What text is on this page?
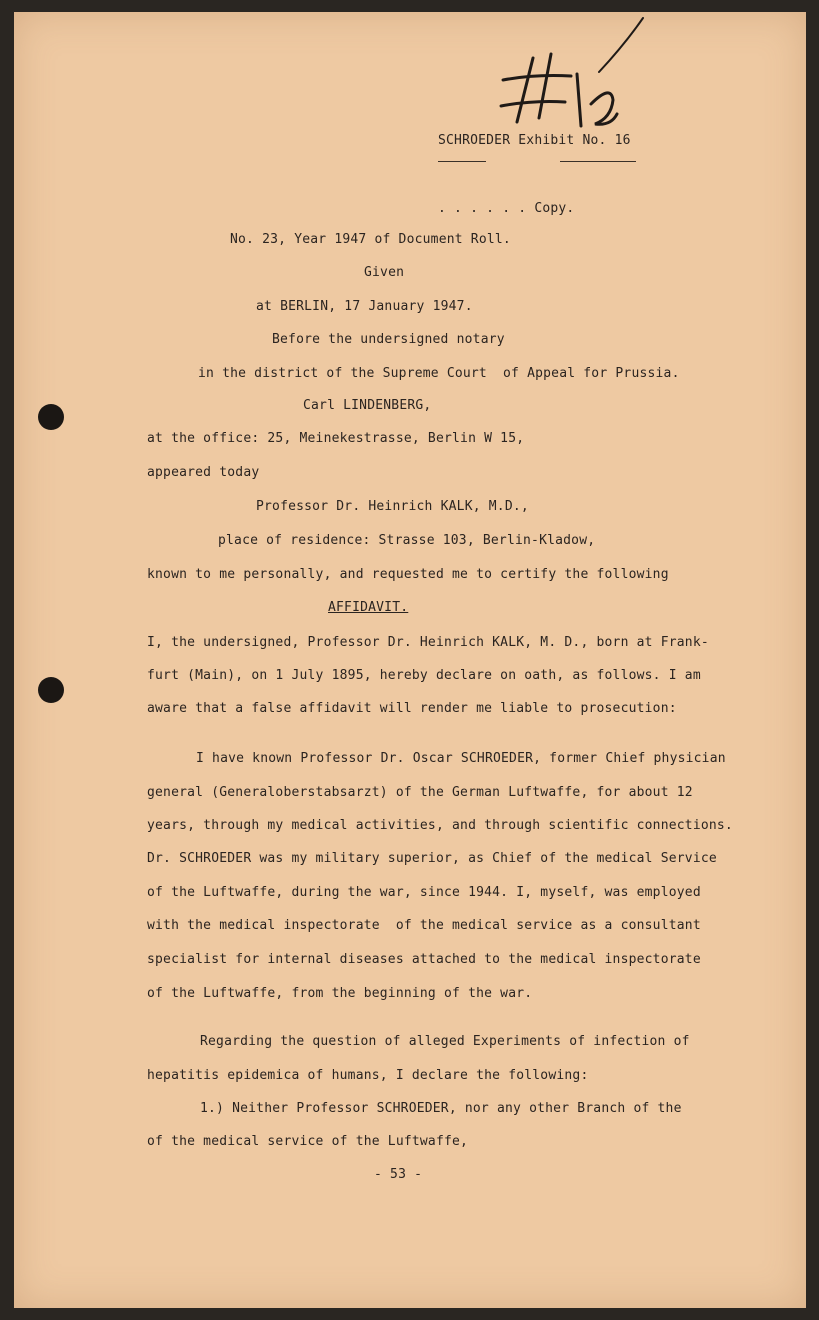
SCHROEDER Exhibit No. 16
. . . . . . Copy.
No. 23, Year 1947 of Document Roll.
Given
at BERLIN, 17 January 1947.
Before the undersigned notary
in the district of the Supreme Court  of Appeal for Prussia.
Carl LINDENBERG,
at the office: 25, Meinekestrasse, Berlin W 15,
appeared today
Professor Dr. Heinrich KALK, M.D.,
place of residence: Strasse 103, Berlin-Kladow,
known to me personally, and requested me to certify the following
AFFIDAVIT.
I, the undersigned, Professor Dr. Heinrich KALK, M. D., born at Frank-
furt (Main), on 1 July 1895, hereby declare on oath, as follows. I am
aware that a false affidavit will render me liable to prosecution:
I have known Professor Dr. Oscar SCHROEDER, former Chief physician
general (Generaloberstabsarzt) of the German Luftwaffe, for about 12
years, through my medical activities, and through scientific connections.
Dr. SCHROEDER was my military superior, as Chief of the medical Service
of the Luftwaffe, during the war, since 1944. I, myself, was employed
with the medical inspectorate  of the medical service as a consultant
specialist for internal diseases attached to the medical inspectorate
of the Luftwaffe, from the beginning of the war.
Regarding the question of alleged Experiments of infection of
hepatitis epidemica of humans, I declare the following:
1.) Neither Professor SCHROEDER, nor any other Branch of the
of the medical service of the Luftwaffe,
- 53 -
